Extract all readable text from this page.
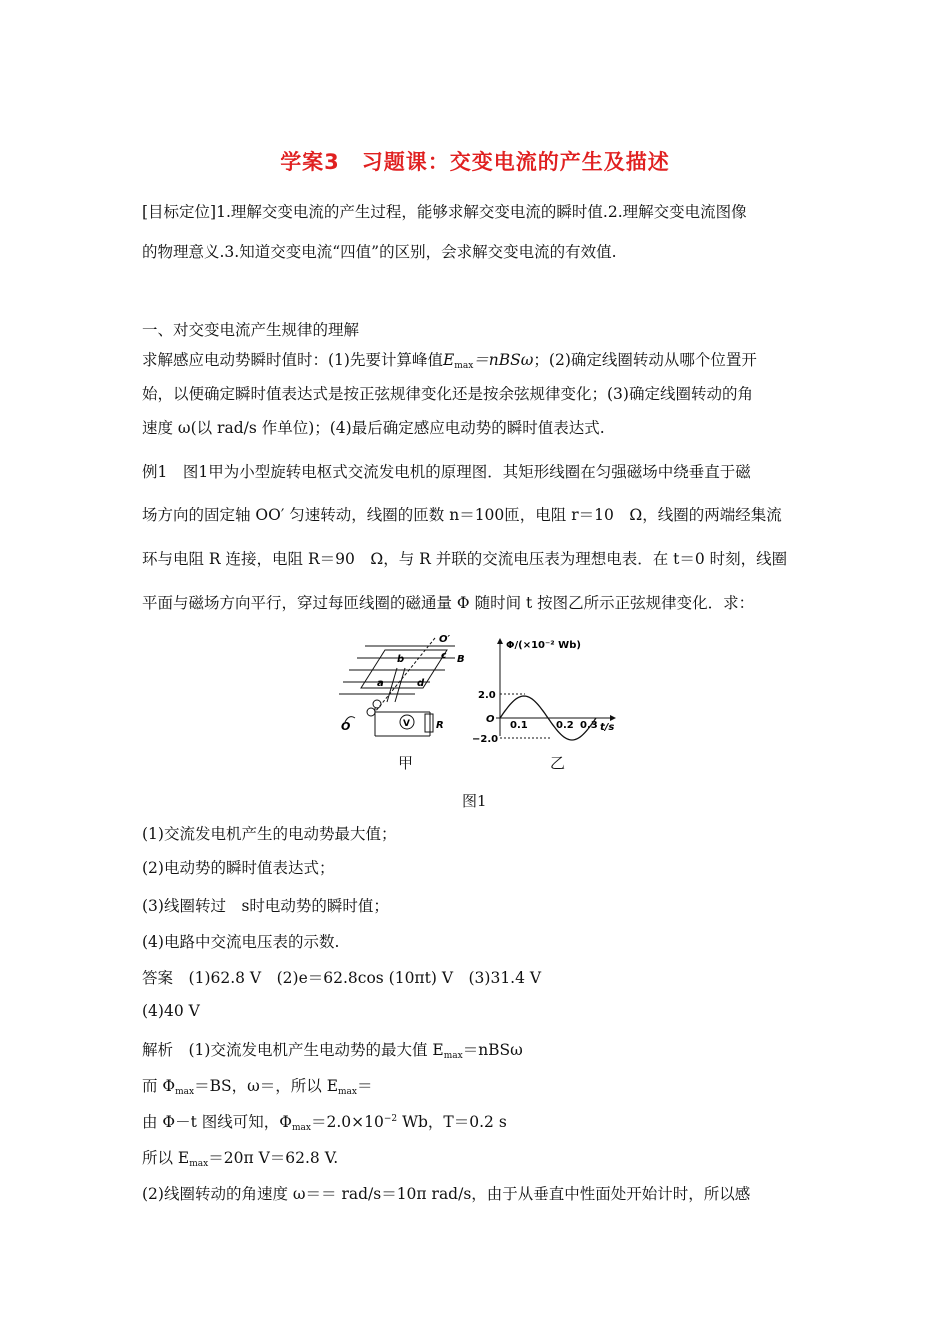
学案3　习题课：交变电流的产生及描述
[目标定位]1.理解交变电流的产生过程，能够求解交变电流的瞬时值.2.理解交变电流图像
的物理意义.3.知道交变电流“四值”的区别，会求解交变电流的有效值.
一、对交变电流产生规律的理解
求解感应电动势瞬时值时：(1)先要计算峰值$E_{max}=nBS\omega$；(2)确定线圈转动从哪个位置开
始，以便确定瞬时值表达式是按正弦规律变化还是按余弦规律变化；(3)确定线圈转动的角
速度 ω(以 rad/s 作单位)；(4)最后确定感应电动势的瞬时值表达式.
例1　图1甲为小型旋转电枢式交流发电机的原理图．其矩形线圈在匀强磁场中绕垂直于磁
场方向的固定轴 OO′ 匀速转动，线圈的匝数 n＝100匝，电阻 r＝10　Ω，线圈的两端经集流
环与电阻 R 连接，电阻 R＝90　Ω，与 R 并联的交流电压表为理想电表．在 t＝0 时刻，线圈
平面与磁场方向平行，穿过每匝线圈的磁通量 Φ 随时间 t 按图乙所示正弦规律变化．求：
O′
B
b	c
a	d
O	V	R
Φ/(×10⁻² Wb)
O
t/s
2.0
−2.0
0.1	0.2 0.3
甲	乙
图1
(1)交流发电机产生的电动势最大值；
(2)电动势的瞬时值表达式；
(3)线圈转过　s时电动势的瞬时值；
(4)电路中交流电压表的示数.
答案　 (1)62.8 V　(2)e＝62.8cos (10πt) V　(3)31.4 V
(4)40 V
解析　(1)交流发电机产生电动势的最大值 $E_{max}=nBS\omega$
而 $\Phi_{max}=BS$，ω＝，所以 $E_{max}=$
由 Φ－t 图线可知，$\Phi_{max}=2.0\times 10^{-2}$ Wb，T＝0.2 s
所以 $E_{max}=20\pi$ V＝62.8 V.
(2)线圈转动的角速度 ω＝＝ rad/s＝10π rad/s，由于从垂直中性面处开始计时，所以感
